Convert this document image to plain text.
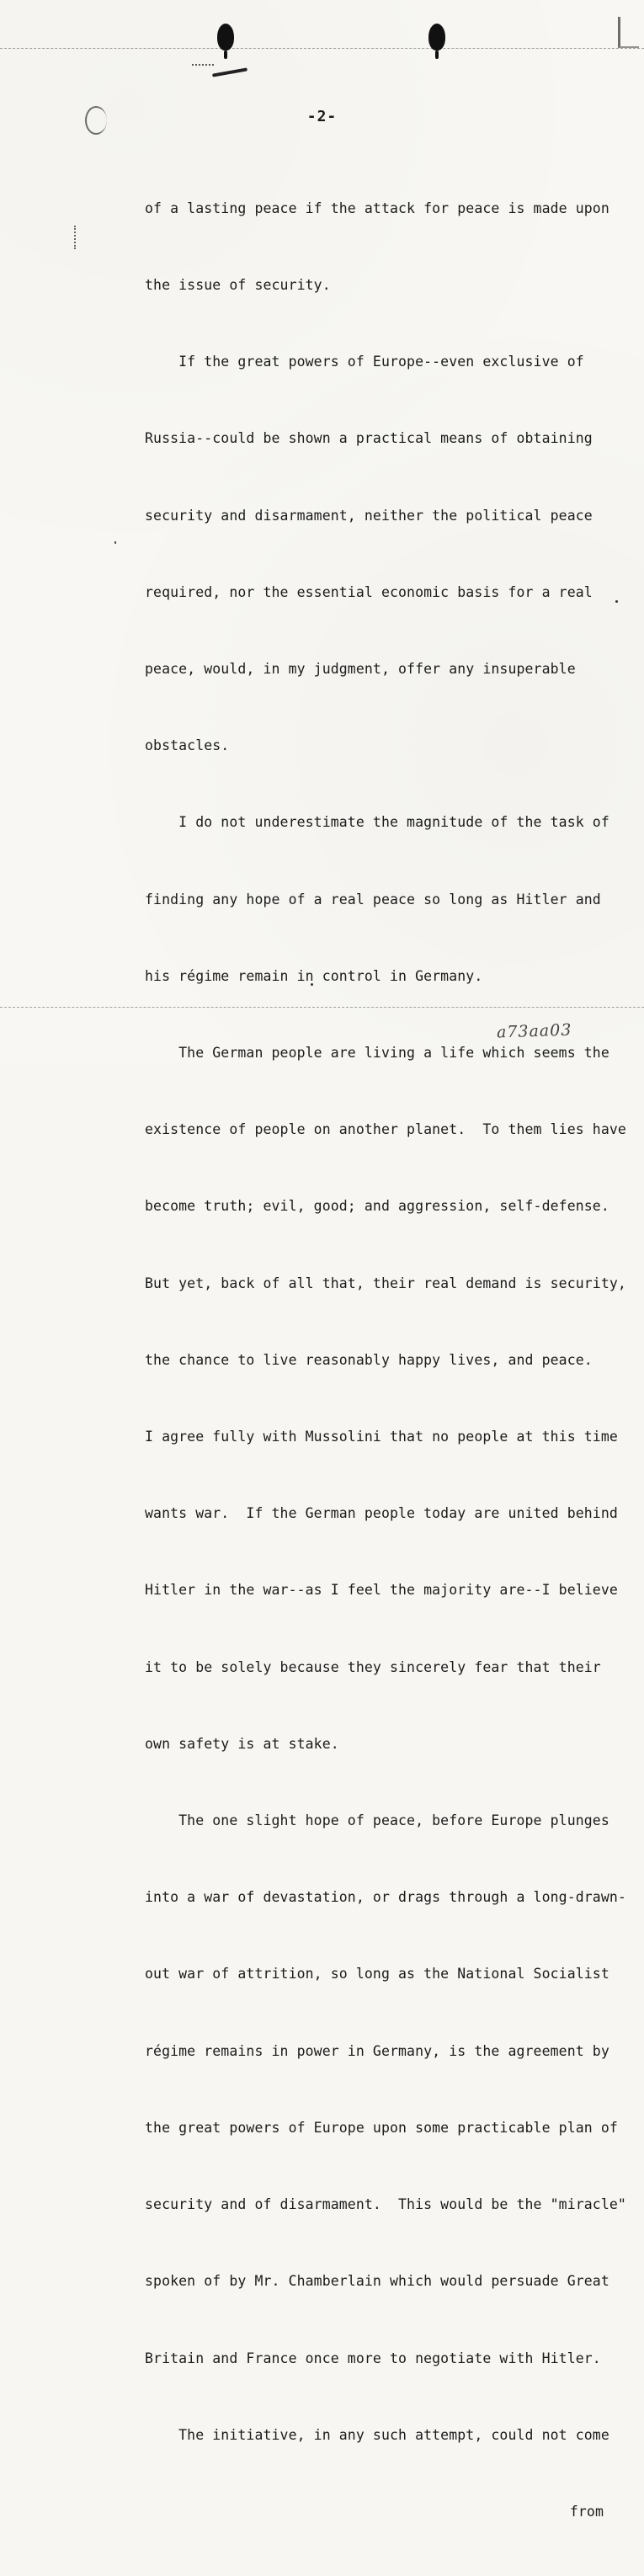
-2-

of a lasting peace if the attack for peace is made upon

the issue of security.

If the great powers of Europe--even exclusive of

Russia--could be shown a practical means of obtaining

security and disarmament, neither the political peace

required, nor the essential economic basis for a real

peace, would, in my judgment, offer any insuperable

obstacles.

I do not underestimate the magnitude of the task of

finding any hope of a real peace so long as Hitler and

his régime remain in control in Germany.

The German people are living a life which seems the

existence of people on another planet.  To them lies have

become truth; evil, good; and aggression, self-defense.

But yet, back of all that, their real demand is security,

the chance to live reasonably happy lives, and peace.

I agree fully with Mussolini that no people at this time

wants war.  If the German people today are united behind

Hitler in the war--as I feel the majority are--I believe

it to be solely because they sincerely fear that their

own safety is at stake.

The one slight hope of peace, before Europe plunges

into a war of devastation, or drags through a long-drawn-

out war of attrition, so long as the National Socialist

régime remains in power in Germany, is the agreement by

the great powers of Europe upon some practicable plan of

security and of disarmament.  This would be the "miracle"

spoken of by Mr. Chamberlain which would persuade Great

Britain and France once more to negotiate with Hitler.

The initiative, in any such attempt, could not come

from

a73aa03
